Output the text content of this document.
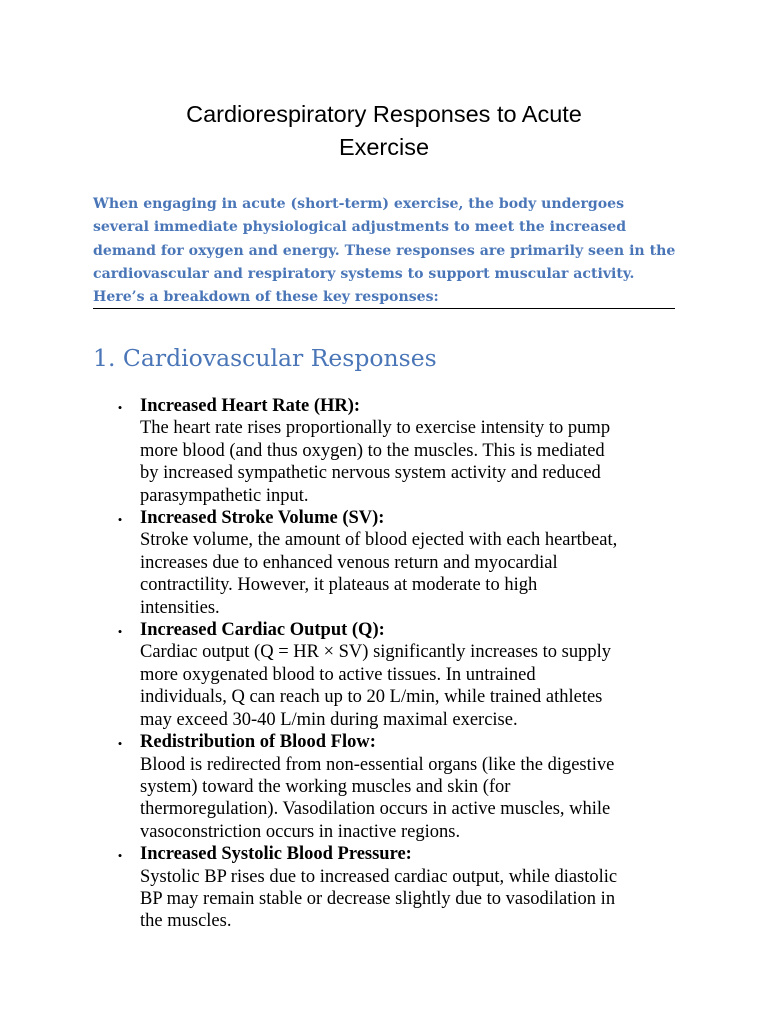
Cardiorespiratory Responses to Acute
Exercise

When engaging in acute (short-term) exercise, the body undergoes several immediate physiological adjustments to meet the increased demand for oxygen and energy. These responses are primarily seen in the cardiovascular and respiratory systems to support muscular activity. Here’s a breakdown of these key responses:

1. Cardiovascular Responses
• Increased Heart Rate (HR):
The heart rate rises proportionally to exercise intensity to pump
more blood (and thus oxygen) to the muscles. This is mediated
by increased sympathetic nervous system activity and reduced
parasympathetic input.
• Increased Stroke Volume (SV):
Stroke volume, the amount of blood ejected with each heartbeat,
increases due to enhanced venous return and myocardial
contractility. However, it plateaus at moderate to high
intensities.
• Increased Cardiac Output (Q):
Cardiac output (Q = HR × SV) significantly increases to supply
more oxygenated blood to active tissues. In untrained
individuals, Q can reach up to 20 L/min, while trained athletes
may exceed 30-40 L/min during maximal exercise.
• Redistribution of Blood Flow:
Blood is redirected from non-essential organs (like the digestive
system) toward the working muscles and skin (for
thermoregulation). Vasodilation occurs in active muscles, while
vasoconstriction occurs in inactive regions.
• Increased Systolic Blood Pressure:
Systolic BP rises due to increased cardiac output, while diastolic
BP may remain stable or decrease slightly due to vasodilation in
the muscles.
